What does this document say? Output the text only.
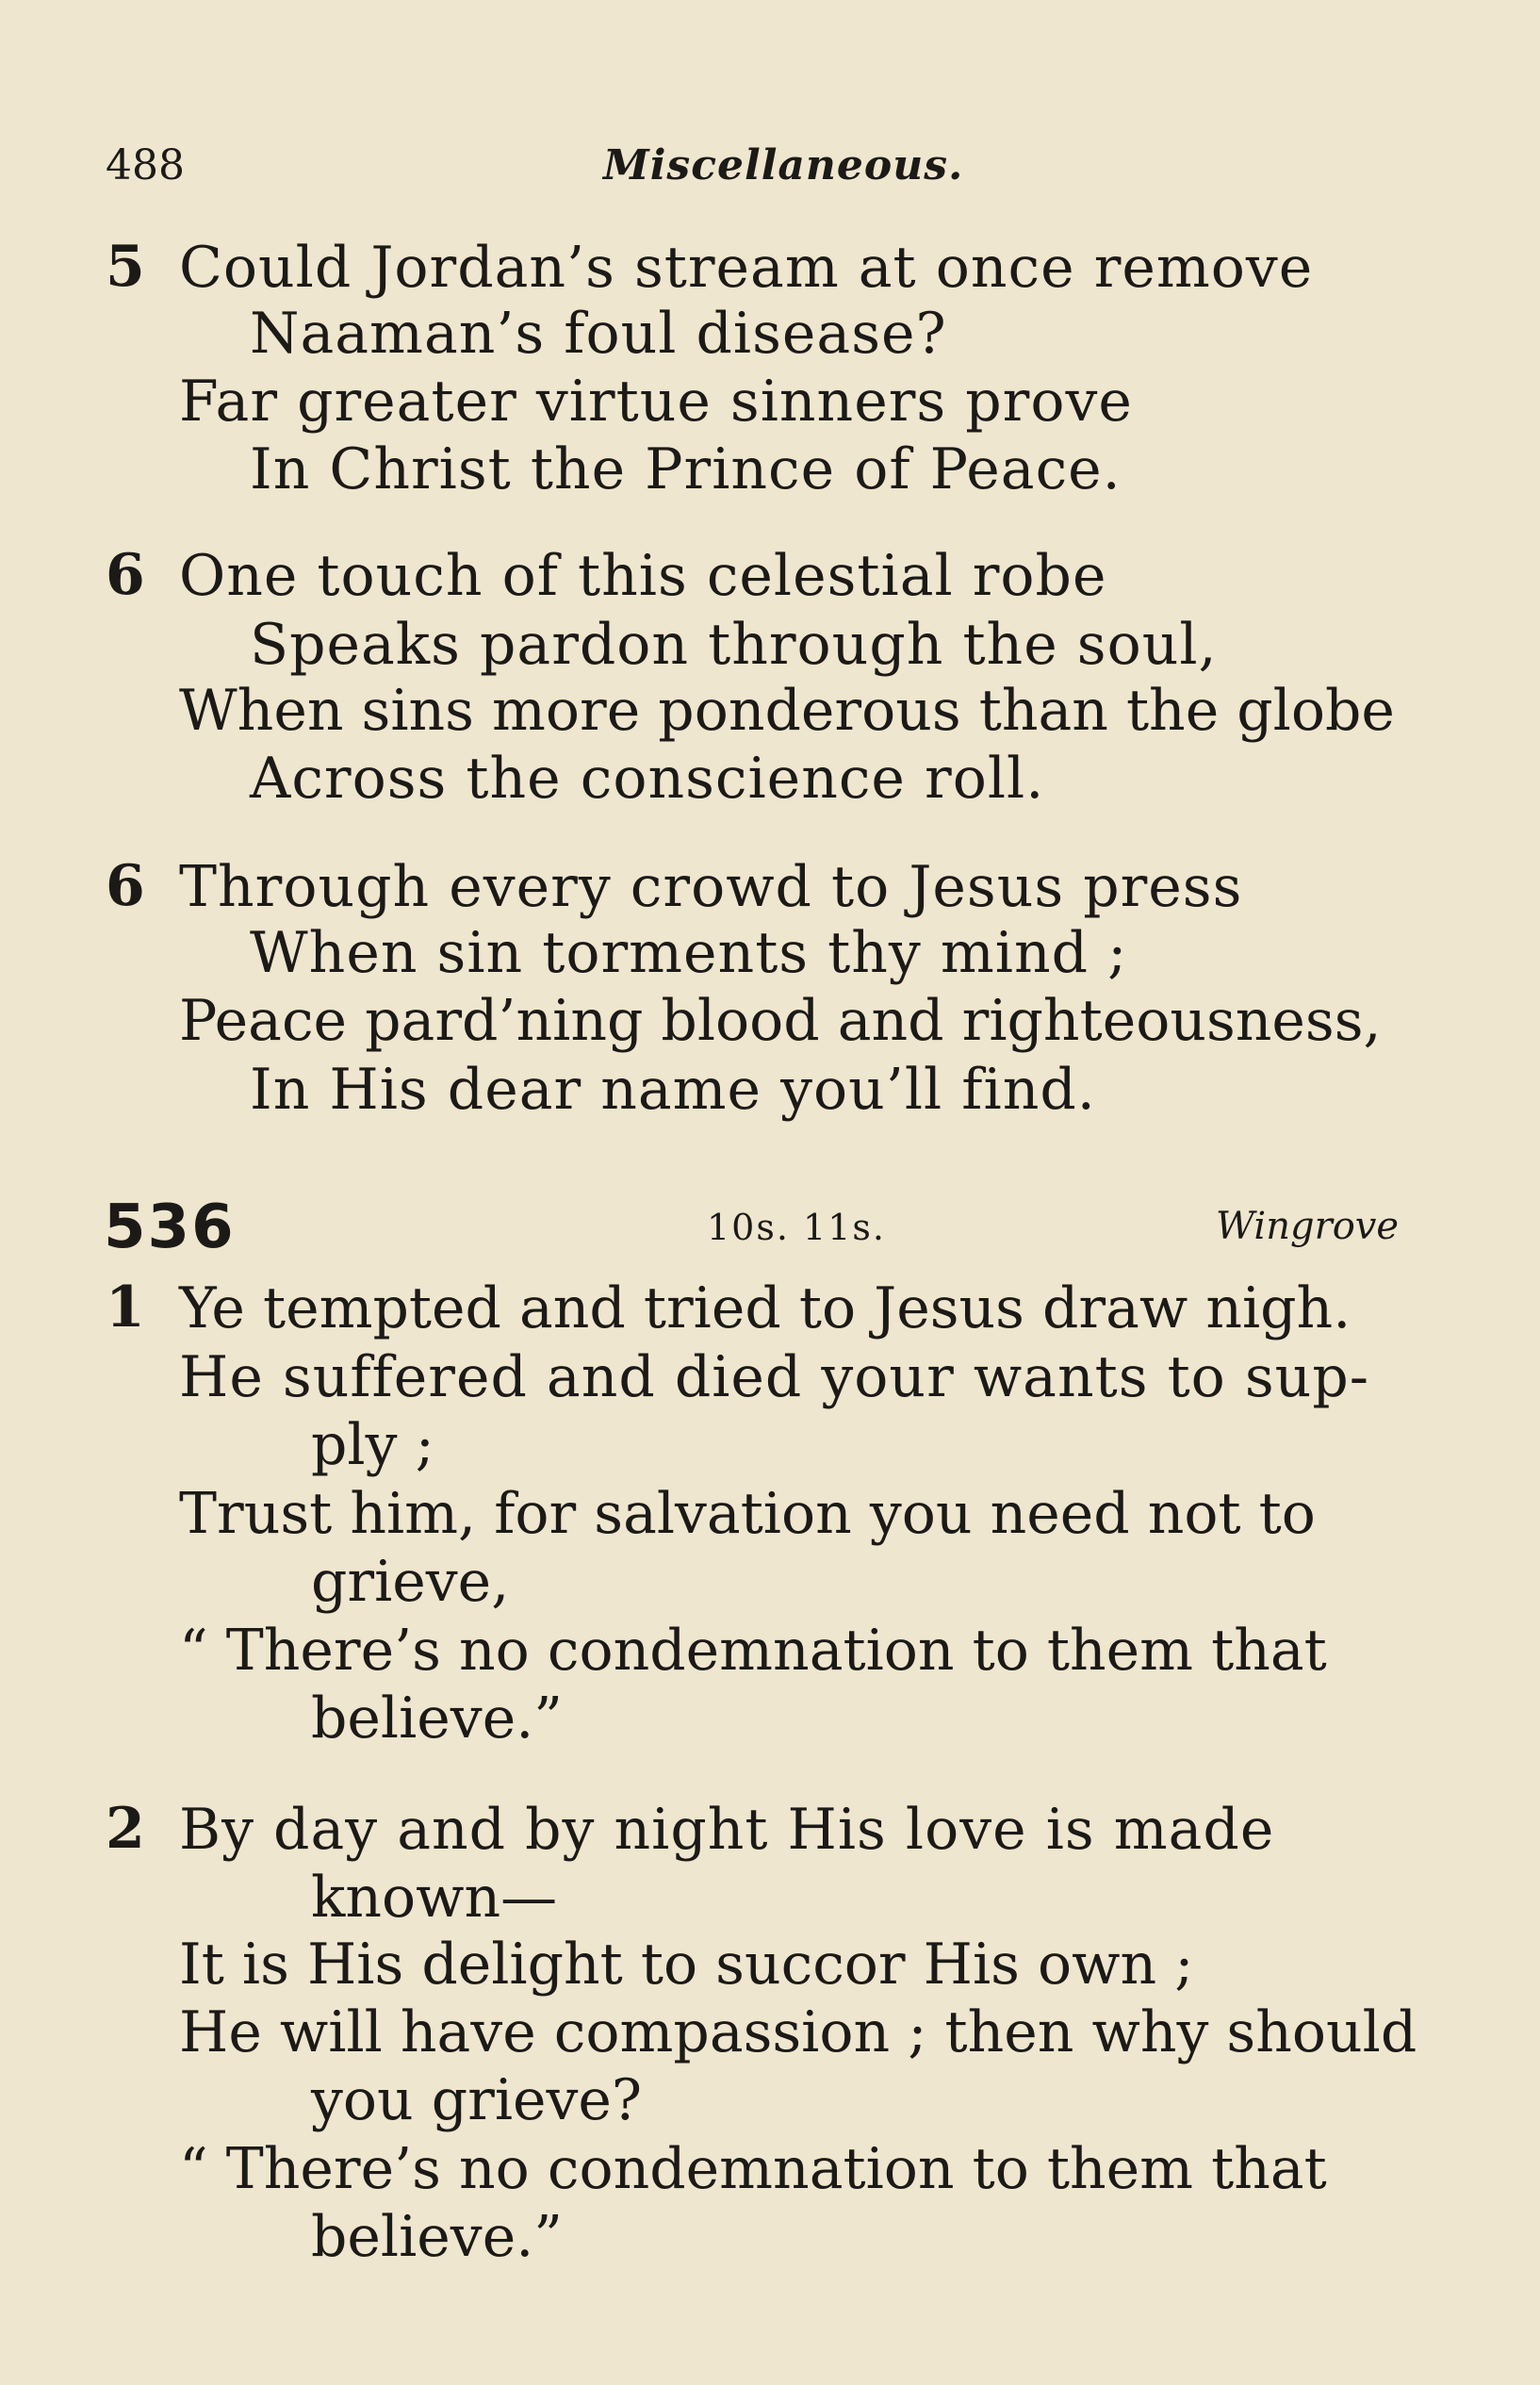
488	Miscellaneous.
5 Could Jordan’s stream at once remove
Naaman’s foul disease?
Far greater virtue sinners prove
In Christ the Prince of Peace.
6 One touch of this celestial robe
Speaks pardon through the soul,
When sins more ponderous than the globe
Across the conscience roll.
6 Through every crowd to Jesus press
When sin torments thy mind ;
Peace pard’ning blood and righteousness,
In His dear name you’ll find.
536	10s. 11s.	Wingrove
1 Ye tempted and tried to Jesus draw nigh.
He suffered and died your wants to sup-
ply ;
Trust him, for salvation you need not to
grieve,
“ There’s no condemnation to them that
believe.”
2 By day and by night His love is made
known—
It is His delight to succor His own ;
He will have compassion ; then why should
you grieve?
“ There’s no condemnation to them that
believe.”
